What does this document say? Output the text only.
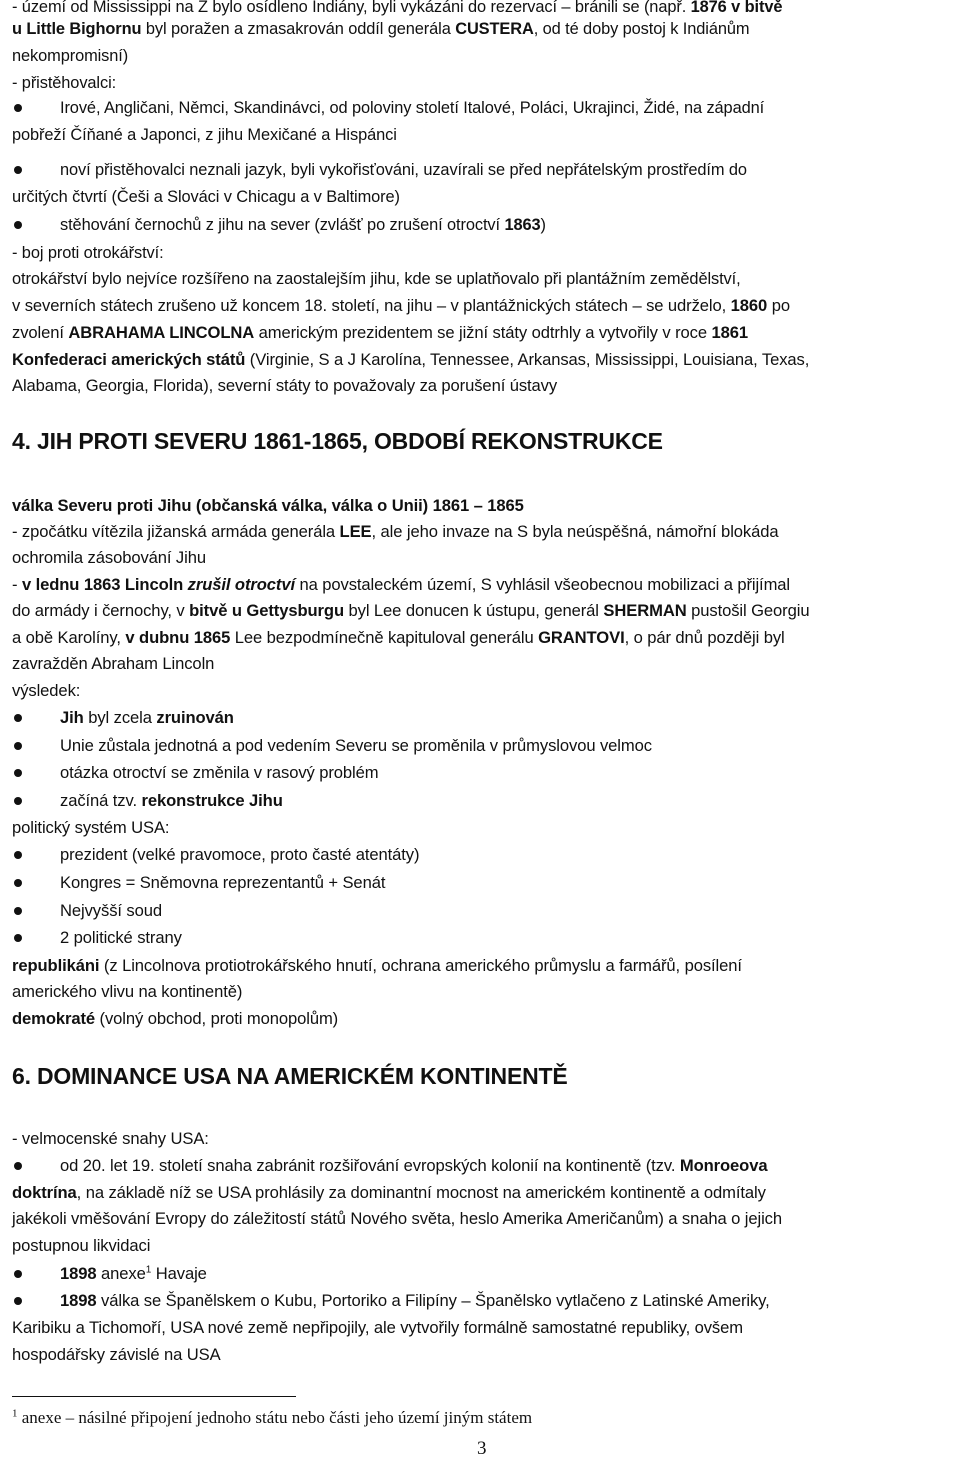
- území od Mississippi na Z bylo osídleno Indiány, byli vykázáni do rezervací – bránili se (např. 1876 v bitvě
u Little Bighornu byl poražen a zmasakrován oddíl generála CUSTERA, od té doby postoj k Indiánům
nekompromisní)
- přistěhovalci:
Irové, Angličani, Němci, Skandinávci, od poloviny století Italové, Poláci, Ukrajinci, Židé, na západní
pobřeží Číňané a Japonci, z jihu Mexičané a Hispánci
noví přistěhovalci neznali jazyk, byli vykořisťováni, uzavírali se před nepřátelským prostředím do
určitých čtvrtí (Češi a Slováci v Chicagu a v Baltimore)
stěhování černochů z jihu na sever (zvlášť po zrušení otroctví 1863)
- boj proti otrokářství:
otrokářství bylo nejvíce rozšířeno na zaostalejším jihu, kde se uplatňovalo při plantážním zemědělství,
v severních státech zrušeno už koncem 18. století, na jihu – v plantážnických státech – se udrželo, 1860 po
zvolení ABRAHAMA LINCOLNA americkým prezidentem se jižní státy odtrhly a vytvořily v roce 1861
Konfederaci amerických států (Virginie, S a J Karolína, Tennessee, Arkansas, Mississippi, Louisiana, Texas,
Alabama, Georgia, Florida), severní státy to považovaly za porušení ústavy
4. JIH PROTI SEVERU 1861-1865, OBDOBÍ REKONSTRUKCE
válka Severu proti Jihu (občanská válka, válka o Unii) 1861 – 1865
- zpočátku vítězila jižanská armáda generála LEE, ale jeho invaze na S byla neúspěšná, námořní blokáda
ochromila zásobování Jihu
- v lednu 1863 Lincoln zrušil otroctví na povstaleckém území, S vyhlásil všeobecnou mobilizaci a přijímal
do armády i černochy, v bitvě u Gettysburgu byl Lee donucen k ústupu, generál SHERMAN pustošil Georgiu
a obě Karolíny, v dubnu 1865 Lee bezpodmínečně kapituloval generálu GRANTOVI, o pár dnů později byl
zavražděn Abraham Lincoln
výsledek:
Jih byl zcela zruinován
Unie zůstala jednotná a pod vedením Severu se proměnila v průmyslovou velmoc
otázka otroctví se změnila v rasový problém
začíná tzv. rekonstrukce Jihu
politický systém USA:
prezident (velké pravomoce, proto časté atentáty)
Kongres = Sněmovna reprezentantů + Senát
Nejvyšší soud
2 politické strany
republikáni (z Lincolnova protiotrokářského hnutí, ochrana amerického průmyslu a farmářů, posílení
amerického vlivu na kontinentě)
demokraté (volný obchod, proti monopolům)
6. DOMINANCE USA NA AMERICKÉM KONTINENTĚ
- velmocenské snahy USA:
od 20. let 19. století snaha zabránit rozšiřování evropských kolonií na kontinentě (tzv. Monroeova
doktrína, na základě níž se USA prohlásily za dominantní mocnost na americkém kontinentě a odmítaly
jakékoli vměšování Evropy do záležitostí států Nového světa, heslo Amerika Američanům) a snaha o jejich
postupnou likvidaci
1898 anexe$^1$ Havaje
1898 válka se Španělskem o Kubu, Portoriko a Filipíny – Španělsko vytlačeno z Latinské Ameriky,
Karibiku a Tichomoří, USA nové země nepřipojily, ale vytvořily formálně samostatné republiky, ovšem
hospodářsky závislé na USA
$^1$ anexe – násilné připojení jednoho státu nebo části jeho území jiným státem
3
